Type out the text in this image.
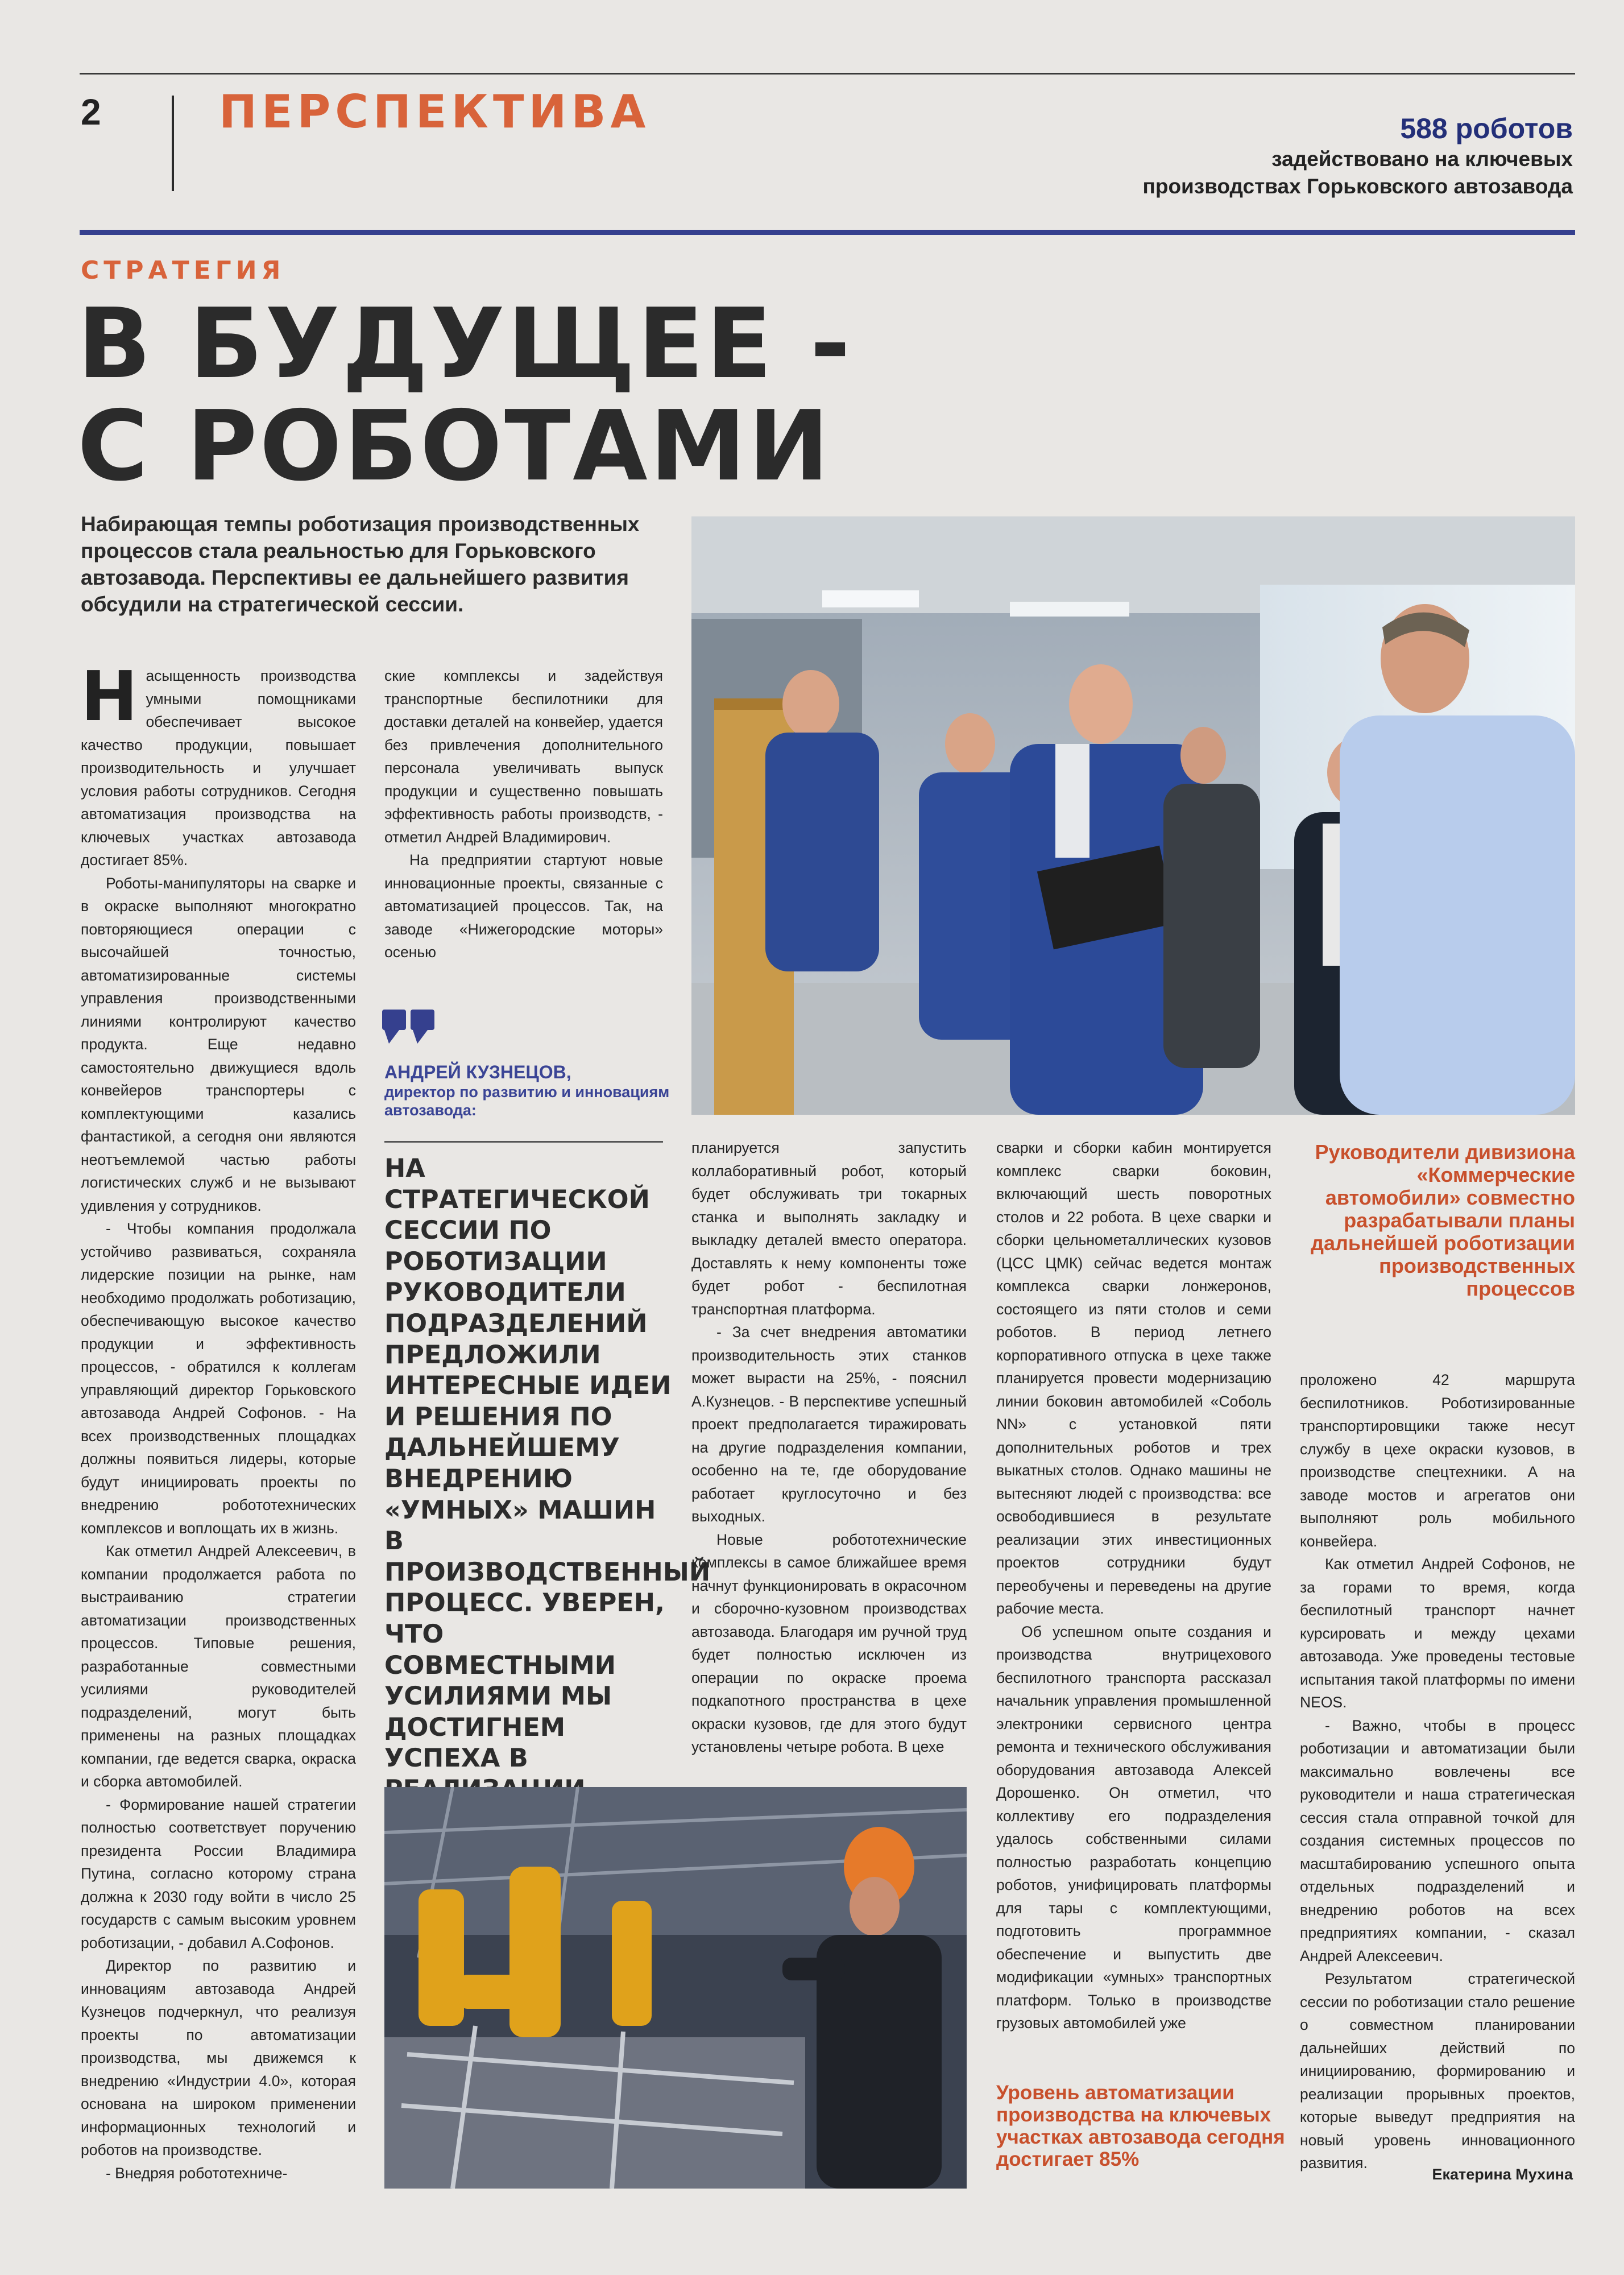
2	ПЕРСПЕКТИВА	588 роботов
задействовано на ключевых
производствах Горьковского автозавода
СТРАТЕГИЯ
В БУДУЩЕЕ -
С РОБОТАМИ

Набирающая темпы роботизация производственных процессов стала реальностью для Горьковского автозавода. Перспективы ее дальнейшего развития обсудили на стратегической сессии.

Н асыщенность производства умными помощниками обеспечивает высокое качество продукции, повышает производительность и улучшает условия работы сотрудников. Сегодня автоматизация производства на ключевых участках автозавода достигает 85%.

Роботы-манипуляторы на сварке и в окраске выполняют многократно повторяющиеся операции с высочайшей точностью, автоматизированные системы управления производственными линиями контролируют качество продукта. Еще недавно самостоятельно движущиеся вдоль конвейеров транспортеры с комплектующими казались фантастикой, а сегодня они являются неотъемлемой частью работы логистических служб и не вызывают удивления у сотрудников.

- Чтобы компания продолжала устойчиво развиваться, сохраняла лидерские позиции на рынке, нам необходимо продолжать роботизацию, обеспечивающую высокое качество продукции и эффективность процессов, - обратился к коллегам управляющий директор Горьковского автозавода Андрей Софонов. - На всех производственных площадках должны появиться лидеры, которые будут инициировать проекты по внедрению робототехнических комплексов и воплощать их в жизнь.

Как отметил Андрей Алексеевич, в компании продолжается работа по выстраиванию стратегии автоматизации производственных процессов. Типовые решения, разработанные совместными усилиями руководителей подразделений, могут быть применены на разных площадках компании, где ведется сварка, окраска и сборка автомобилей.

- Формирование нашей стратегии полностью соответствует поручению президента России Владимира Путина, согласно которому страна должна к 2030 году войти в число 25 государств с самым высоким уровнем роботизации, - добавил А.Софонов.

Директор по развитию и инновациям автозавода Андрей Кузнецов подчеркнул, что реализуя проекты по автоматизации производства, мы движемся к внедрению «Индустрии 4.0», которая основана на широком применении информационных технологий и роботов на производстве.

- Внедряя робототехниче-

ские комплексы и задействуя транспортные беспилотники для доставки деталей на конвейер, удается без привлечения дополнительного персонала увеличивать выпуск продукции и существенно повышать эффективность работы производств, - отметил Андрей Владимирович.

На предприятии стартуют новые инновационные проекты, связанные с автоматизацией процессов. Так, на заводе «Нижегородские моторы» осенью

АНДРЕЙ КУЗНЕЦОВ,
директор по развитию и инновациям автозавода:

НА СТРАТЕГИЧЕСКОЙ СЕССИИ ПО РОБОТИЗАЦИИ РУКОВОДИТЕЛИ ПОДРАЗДЕЛЕНИЙ ПРЕДЛОЖИЛИ ИНТЕРЕСНЫЕ ИДЕИ И РЕШЕНИЯ ПО ДАЛЬНЕЙШЕМУ ВНЕДРЕНИЮ «УМНЫХ» МАШИН В ПРОИЗВОДСТВЕННЫЙ ПРОЦЕСС. УВЕРЕН, ЧТО СОВМЕСТНЫМИ УСИЛИЯМИ МЫ ДОСТИГНЕМ УСПЕХА В

планируется запустить коллаборативный робот, который будет обслуживать три токарных станка и выполнять закладку и выкладку деталей вместо оператора. Доставлять к нему компоненты тоже будет робот - беспилотная транспортная платформа.

- За счет внедрения автоматики производительность этих станков может вырасти на 25%, - пояснил А.Кузнецов. - В перспективе успешный проект предполагается тиражировать на другие подразделения компании, особенно на те, где оборудование работает круглосуточно и без выходных.

Новые робототехнические комплексы в самое ближайшее время начнут функционировать в окрасочном и сборочно-кузовном производствах автозавода. Благодаря им ручной труд будет полностью исключен из операции по окраске проема подкапотного пространства в цехе окраски кузовов, где для этого будут установлены четыре робота. В цехе

сварки и сборки кабин монтируется комплекс сварки боковин, включающий шесть поворотных столов и 22 робота. В цехе сварки и сборки цельнометаллических кузовов (ЦСС ЦМК) сейчас ведется монтаж комплекса сварки лонжеронов, состоящего из пяти столов и семи роботов. В период летнего корпоративного отпуска в цехе также планируется провести модернизацию линии боковин автомобилей «Соболь NN» с установкой пяти дополнительных роботов и трех выкатных столов. Однако машины не вытесняют людей с производства: все освободившиеся в результате реализации этих инвестиционных проектов сотрудники будут переобучены и переведены на другие рабочие места.

Об успешном опыте создания и производства внутрицехового беспилотного транспорта рассказал начальник управления промышленной электроники сервисного центра ремонта и технического обслуживания оборудования автозавода Алексей Дорошенко. Он отметил, что коллективу его подразделения удалось собственными силами полностью разработать концепцию роботов, унифицировать платформы для тары с комплектующими, подготовить программное обеспечение и выпустить две модификации «умных» транспортных платформ. Только в производстве грузовых автомобилей уже

проложено 42 маршрута беспилотников. Роботизированные транспортировщики также несут службу в цехе окраски кузовов, в производстве спецтехники. А на заводе мостов и агрегатов они выполняют роль мобильного конвейера.

Как отметил Андрей Софонов, не за горами то время, когда беспилотный транспорт начнет курсировать и между цехами автозавода. Уже проведены тестовые испытания такой платформы по имени NEOS.

- Важно, чтобы в процесс роботизации и автоматизации были максимально вовлечены все руководители и наша стратегическая сессия стала отправной точкой для создания системных процессов по масштабированию успешного опыта отдельных подразделений и внедрению роботов на всех предприятиях компании, - сказал Андрей Алексеевич.

Результатом стратегической сессии по роботизации стало решение о совместном планировании дальнейших действий по инициированию, формированию и реализации прорывных проектов, которые выведут предприятия на новый уровень инновационного развития.

Руководители дивизиона «Коммерческие автомобили» совместно разрабатывали планы дальнейшей роботизации производственных процессов

Уровень автоматизации производства на ключевых участках автозавода сегодня достигает 85%

Екатерина Мухина
